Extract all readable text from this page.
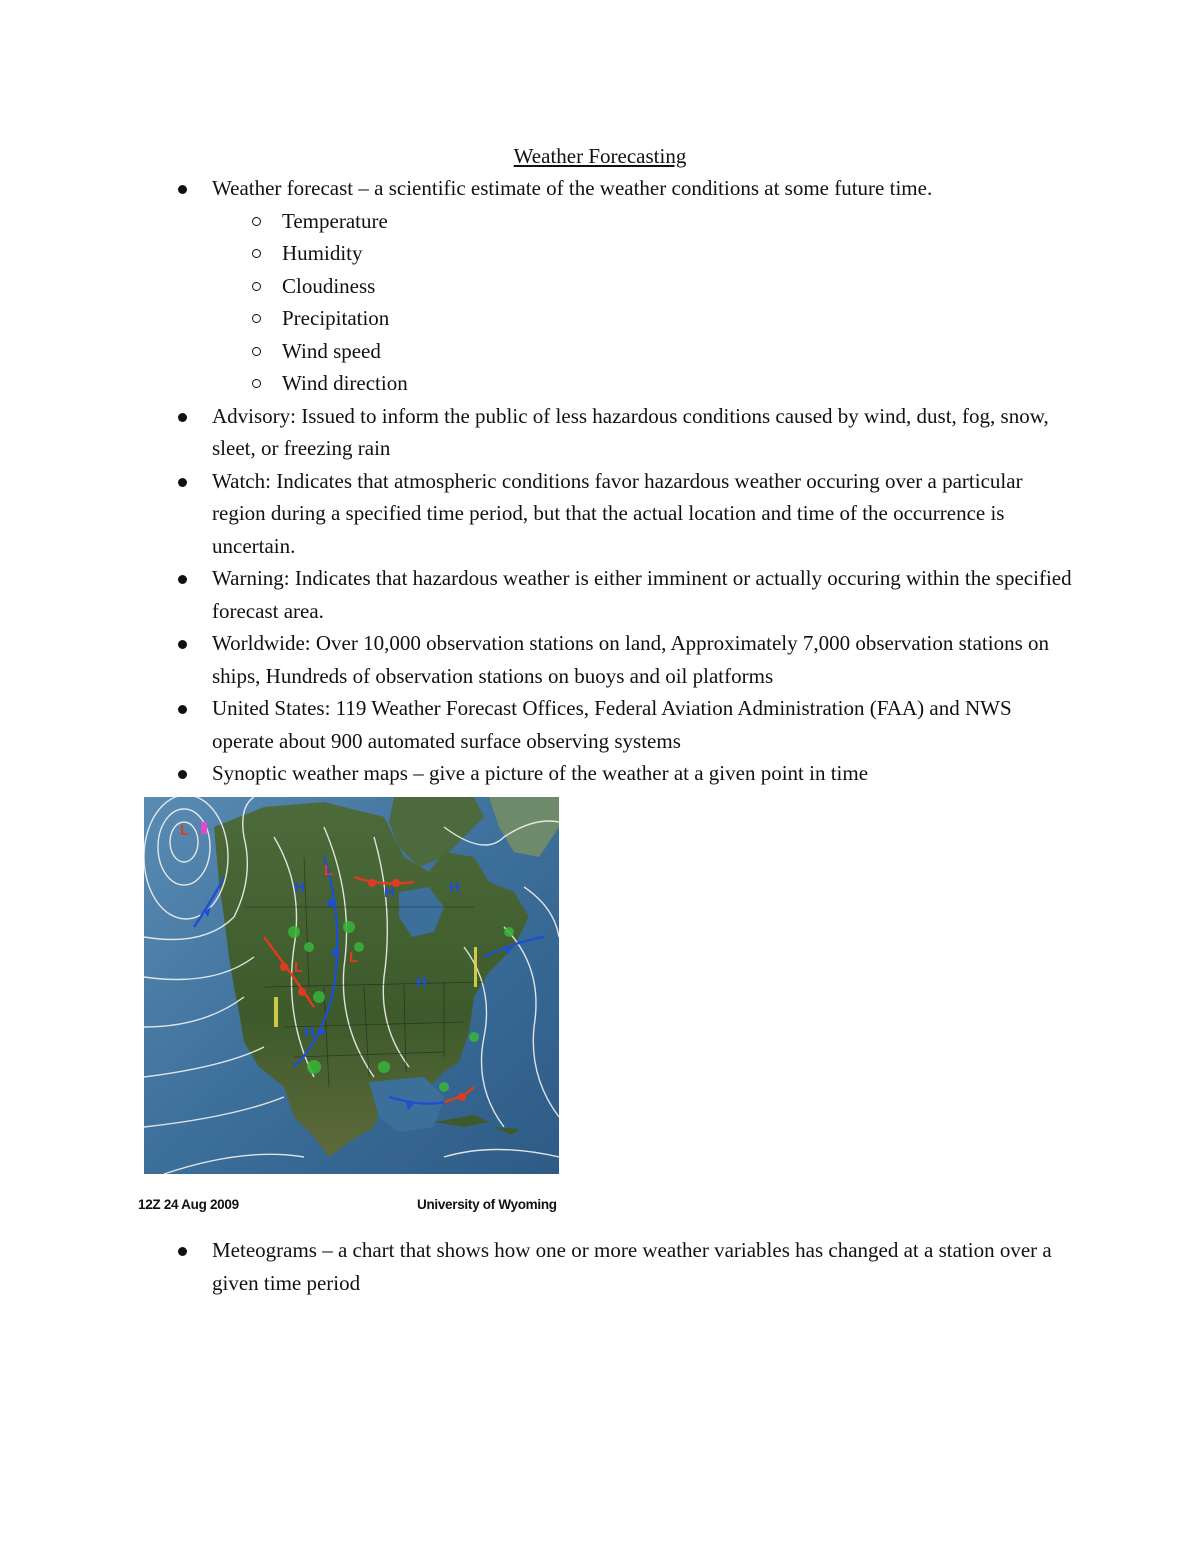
Weather Forecasting
Weather forecast – a scientific estimate of the weather conditions at some future time.
Temperature
Humidity
Cloudiness
Precipitation
Wind speed
Wind direction
Advisory: Issued to inform the public of less hazardous conditions caused by wind, dust, fog, snow, sleet, or freezing rain
Watch: Indicates that atmospheric conditions favor hazardous weather occuring over a particular region during a specified time period, but that the actual location and time of the occurrence is uncertain.
Warning: Indicates that hazardous weather is either imminent or actually occuring within the specified forecast area.
Worldwide: Over 10,000 observation stations on land, Approximately 7,000 observation stations on ships, Hundreds of observation stations on buoys and oil platforms
United States: 119 Weather Forecast Offices, Federal Aviation Administration (FAA) and NWS operate about 900 automated surface observing systems
Synoptic weather maps – give a picture of the weather at a given point in time
L
L
H	H	H
H
H
L
L
12Z 24 Aug 2009	University of Wyoming
Meteograms – a chart that shows how one or more weather variables has changed at a station over a given time period
